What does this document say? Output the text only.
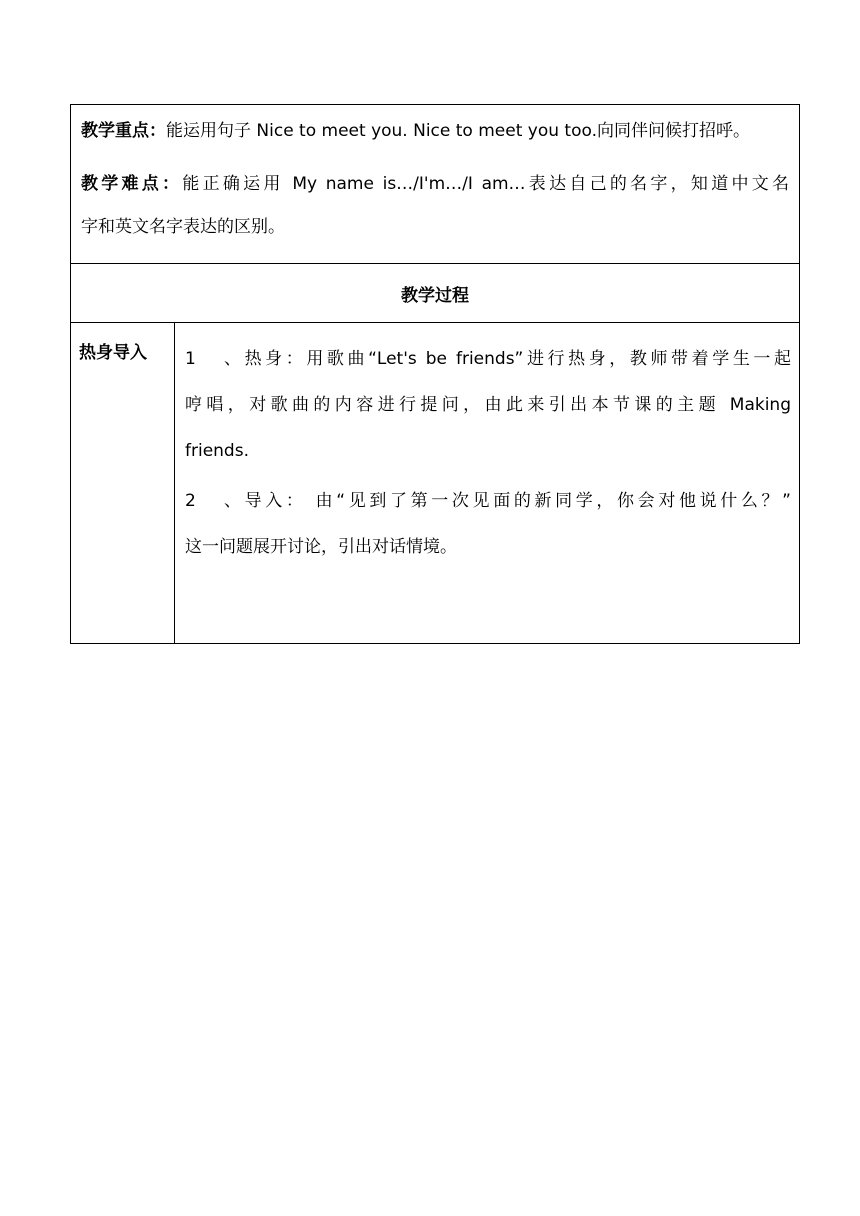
教学重点：能运用句子 Nice to meet you. Nice to meet you too.向同伴问候打招呼。

教学难点：能正确运用 My name is…/I'm…/I am…表达自己的名字，知道中文名
字和英文名字表达的区别。

教学过程
热身导入	1、热身：用歌曲“Let's be friends”进行热身，教师带着学生一起
哼唱，对歌曲的内容进行提问，由此来引出本节课的主题 Making
friends.
2、导入： 由“见到了第一次见面的新同学，你会对他说什么？”
这一问题展开讨论，引出对话情境。
